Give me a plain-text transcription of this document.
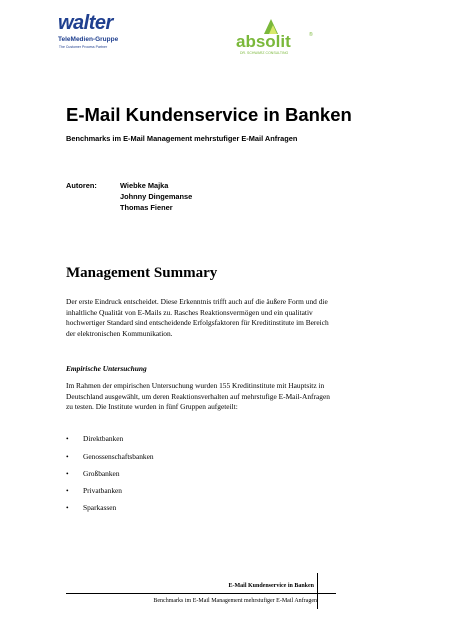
walter
TeleMedien-Gruppe
The Customer Process Partner	absolit	®
DR. SCHWARZ CONSULTING
E-Mail Kundenservice in Banken
Benchmarks im E-Mail Management mehrstufiger E-Mail Anfragen
Autoren:	Wiebke Majka
Johnny Dingemanse
Thomas Fiener
Management Summary
Der erste Eindruck entscheidet. Diese Erkenntnis trifft auch auf die äußere Form und die inhaltliche Qualität von E-Mails zu. Rasches Reaktionsvermögen und ein qualitativ hochwertiger Standard sind entscheidende Erfolgsfaktoren für Kreditinstitute im Bereich der elektronischen Kommunikation.
Empirische Untersuchung
Im Rahmen der empirischen Untersuchung wurden 155 Kreditinstitute mit Hauptsitz in Deutschland ausgewählt, um deren Reaktionsverhalten auf mehrstufige E-Mail-Anfragen zu testen. Die Institute wurden in fünf Gruppen aufgeteilt:
• Direktbanken
• Genossenschaftsbanken
• Großbanken
• Privatbanken
• Sparkassen
E-Mail Kundenservice in Banken
Benchmarks im E-Mail Management mehrstufiger E-Mail Anfragen
